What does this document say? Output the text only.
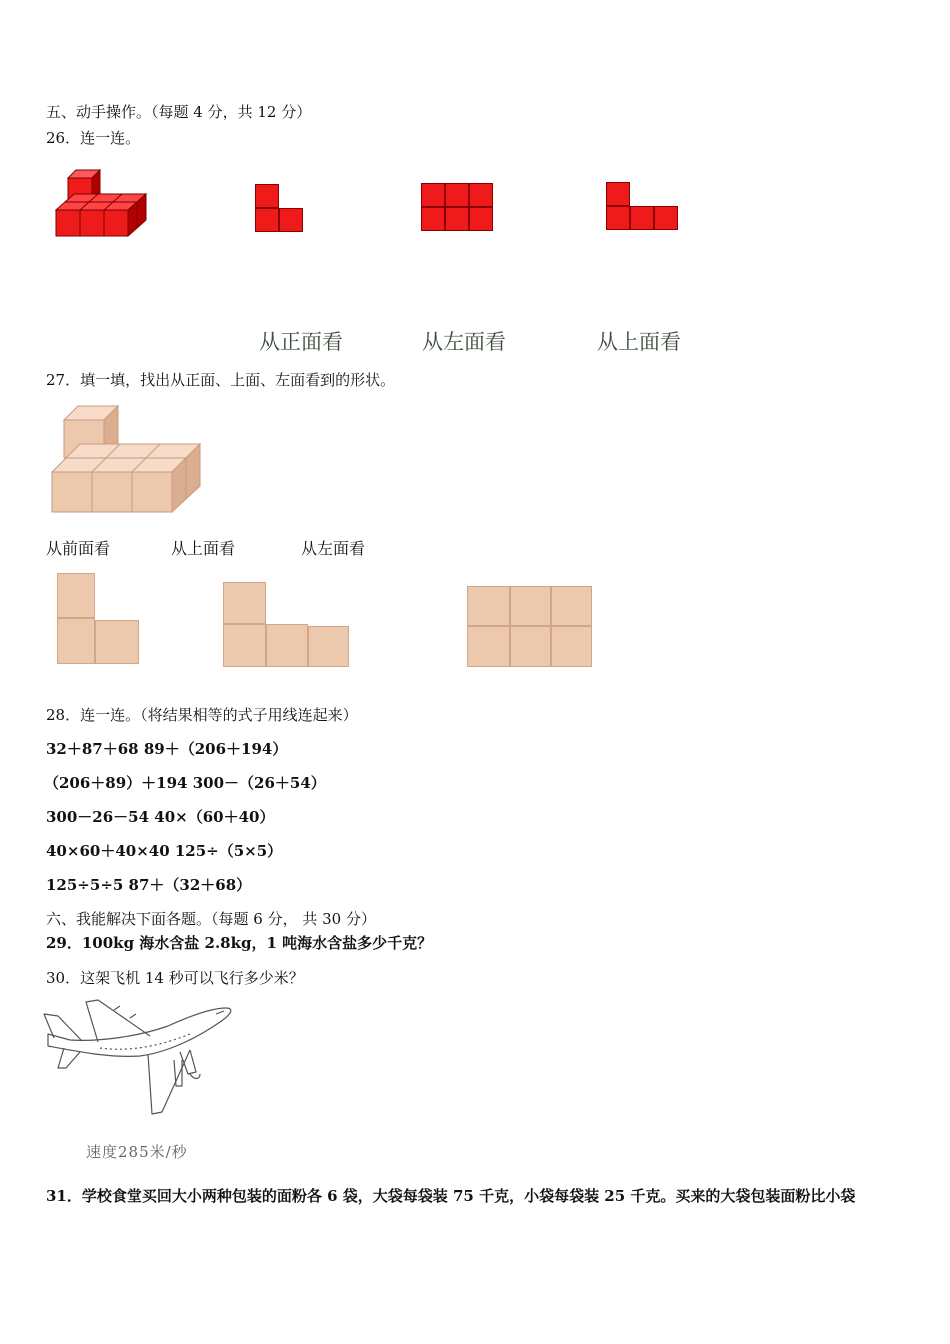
五、动手操作。（每题 4 分，共 12 分）
26．连一连。
从正面看	从左面看	从上面看
27．填一填，找出从正面、上面、左面看到的形状。
从前面看	从上面看	从左面看
28．连一连。（将结果相等的式子用线连起来）
32＋87＋68 89＋（206＋194）
（206＋89）＋194 300－（26＋54）
300－26－54 40×（60＋40）
40×60＋40×40 125÷（5×5）
125÷5÷5 87＋（32＋68）
六、我能解决下面各题。（每题 6 分， 共 30 分）
29．100kg 海水含盐 2.8kg，1 吨海水含盐多少千克？
30．这架飞机 14 秒可以飞行多少米？
速度285米/秒
31．学校食堂买回大小两种包装的面粉各 6 袋，大袋每袋装 75 千克，小袋每袋装 25 千克。买来的大袋包装面粉比小袋
